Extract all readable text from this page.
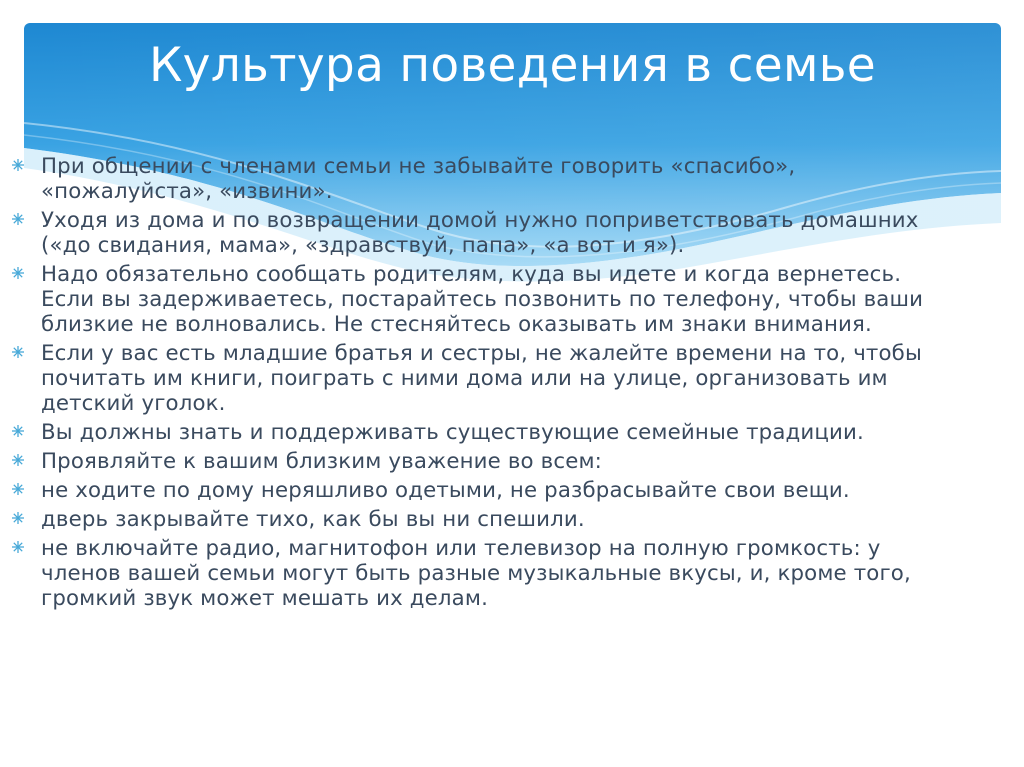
Культура поведения в семье
При общении с членами семьи не забывайте говорить «спасибо»,
«пожалуйста», «извини».
Уходя из дома и по возвращении домой нужно поприветствовать домашних
(«до свидания, мама», «здравствуй, папа», «а вот и я»).
Надо обязательно сообщать родителям, куда вы идете и когда вернетесь.
Если вы задерживаетесь, постарайтесь позвонить по телефону, чтобы ваши
близкие не волновались. Не стесняйтесь оказывать им знаки внимания.
Если у вас есть младшие братья и сестры, не жалейте времени на то, чтобы
почитать им книги, поиграть с ними дома или на улице, организовать им
детский уголок.
Вы должны знать и поддерживать существующие семейные традиции.
Проявляйте к вашим близким уважение во всем:
не ходите по дому неряшливо одетыми, не разбрасывайте свои вещи.
дверь закрывайте тихо, как бы вы ни спешили.
не включайте радио, магнитофон или телевизор на полную громкость: у
членов вашей семьи могут быть разные музыкальные вкусы, и, кроме того,
громкий звук может мешать их делам.
